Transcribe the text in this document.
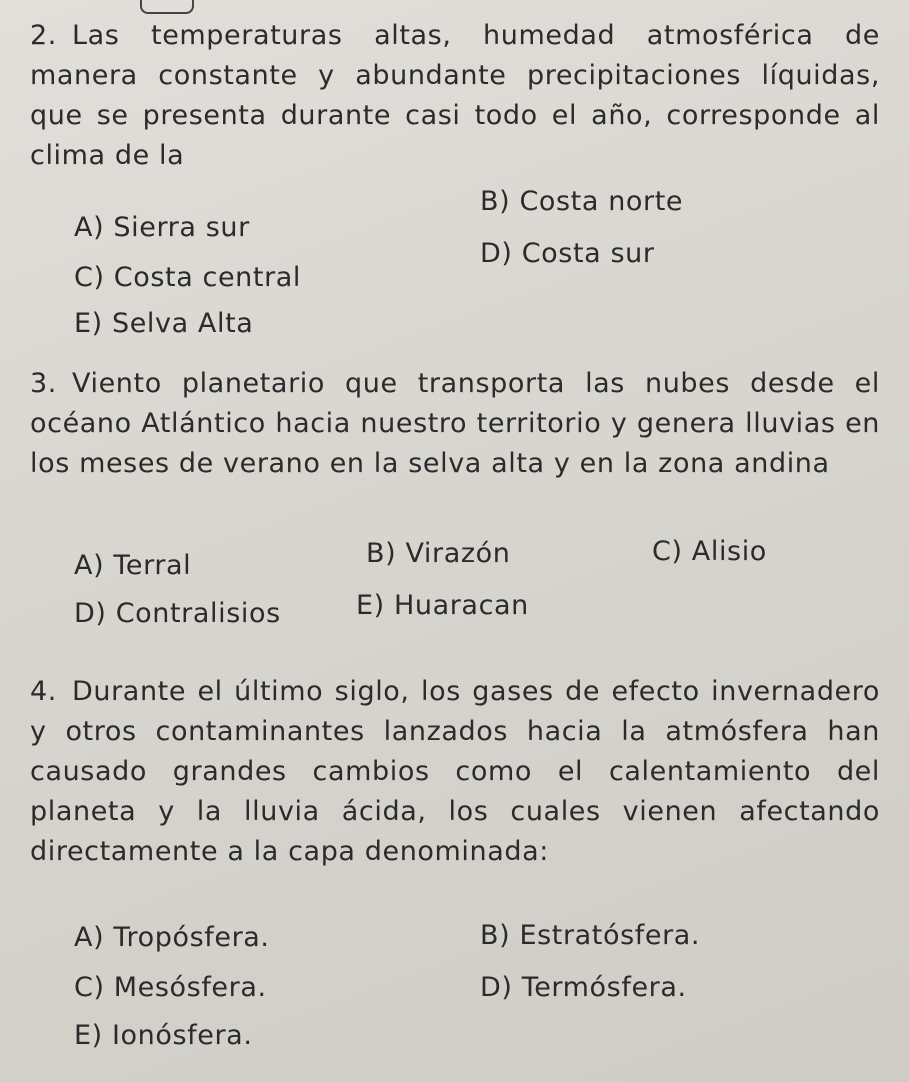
2. Las temperaturas altas, humedad atmosférica de manera constante y abundante precipitaciones líquidas, que se presenta durante casi todo el año, corresponde al clima de la

B) Costa norte
A) Sierra sur
D) Costa sur
C) Costa central
E) Selva Alta

3. Viento planetario que transporta las nubes desde el océano Atlántico hacia nuestro territorio y genera lluvias en los meses de verano en la selva alta y en la zona andina

A) Terral	B) Virazón	C) Alisio
D) Contralisios	E) Huaracan

4. Durante el último siglo, los gases de efecto invernadero y otros contaminantes lanzados hacia la atmósfera han causado grandes cambios como el calentamiento del planeta y la lluvia ácida, los cuales vienen afectando directamente a la capa denominada:

A) Tropósfera.	B) Estratósfera.
C) Mesósfera.	D) Termósfera.
E) Ionósfera.
